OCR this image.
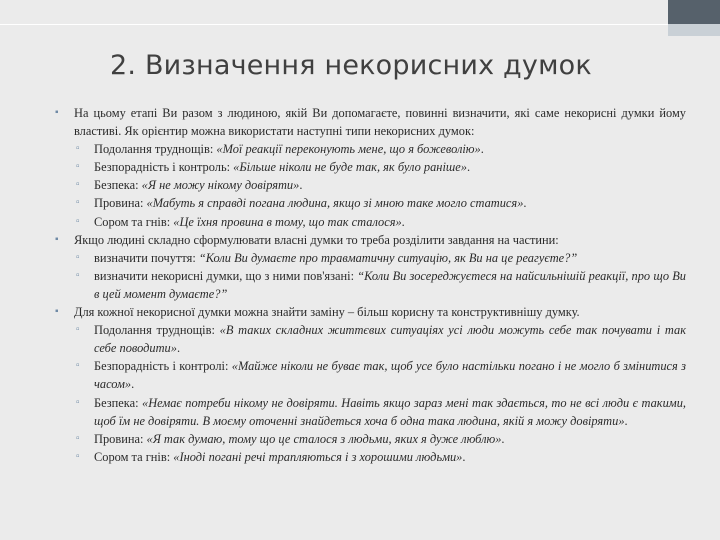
2. Визначення некорисних думок
▪ На цьому етапі Ви разом з людиною, якій Ви допомагаєте, повинні визначити, які саме некорисні думки йому властиві. Як орієнтир можна використати наступні типи некорисних думок:
▫ Подолання труднощів: «Мої реакції переконують мене, що я божеволію».
▫ Безпорадність і контроль: «Більше ніколи не буде так, як було раніше».
▫ Безпека: «Я не можу нікому довіряти».
▫ Провина: «Мабуть я справді погана людина, якщо зі мною таке могло статися».
▫ Сором та гнів: «Це їхня провина в тому, що так сталося».
▪ Якщо людині складно сформулювати власні думки то треба розділити завдання на частини:
▫ визначити почуття: “Коли Ви думаєте про травматичну ситуацію, як Ви на це реагуєте?”
▫ визначити некорисні думки, що з ними пов'язані: “Коли Ви зосереджуєтеся на найсильнішій реакції, про що Ви в цей момент думаєте?”
▪ Для кожної некорисної думки можна знайти заміну – більш корисну та конструктивнішу думку.
▫ Подолання труднощів: «В таких складних життєвих ситуаціях усі люди можуть себе так почувати і так себе поводити».
▫ Безпорадність і контролі: «Майже ніколи не буває так, щоб усе було настільки погано і не могло б змінитися з часом».
▫ Безпека: «Немає потреби нікому не довіряти. Навіть якщо зараз мені так здається, то не всі люди є такими, щоб їм не довіряти. В моєму оточенні знайдеться хоча б одна така людина, якій я можу довіряти».
▫ Провина: «Я так думаю, тому що це сталося з людьми, яких я дуже люблю».
▫ Сором та гнів: «Іноді погані речі трапляються і з хорошими людьми».
